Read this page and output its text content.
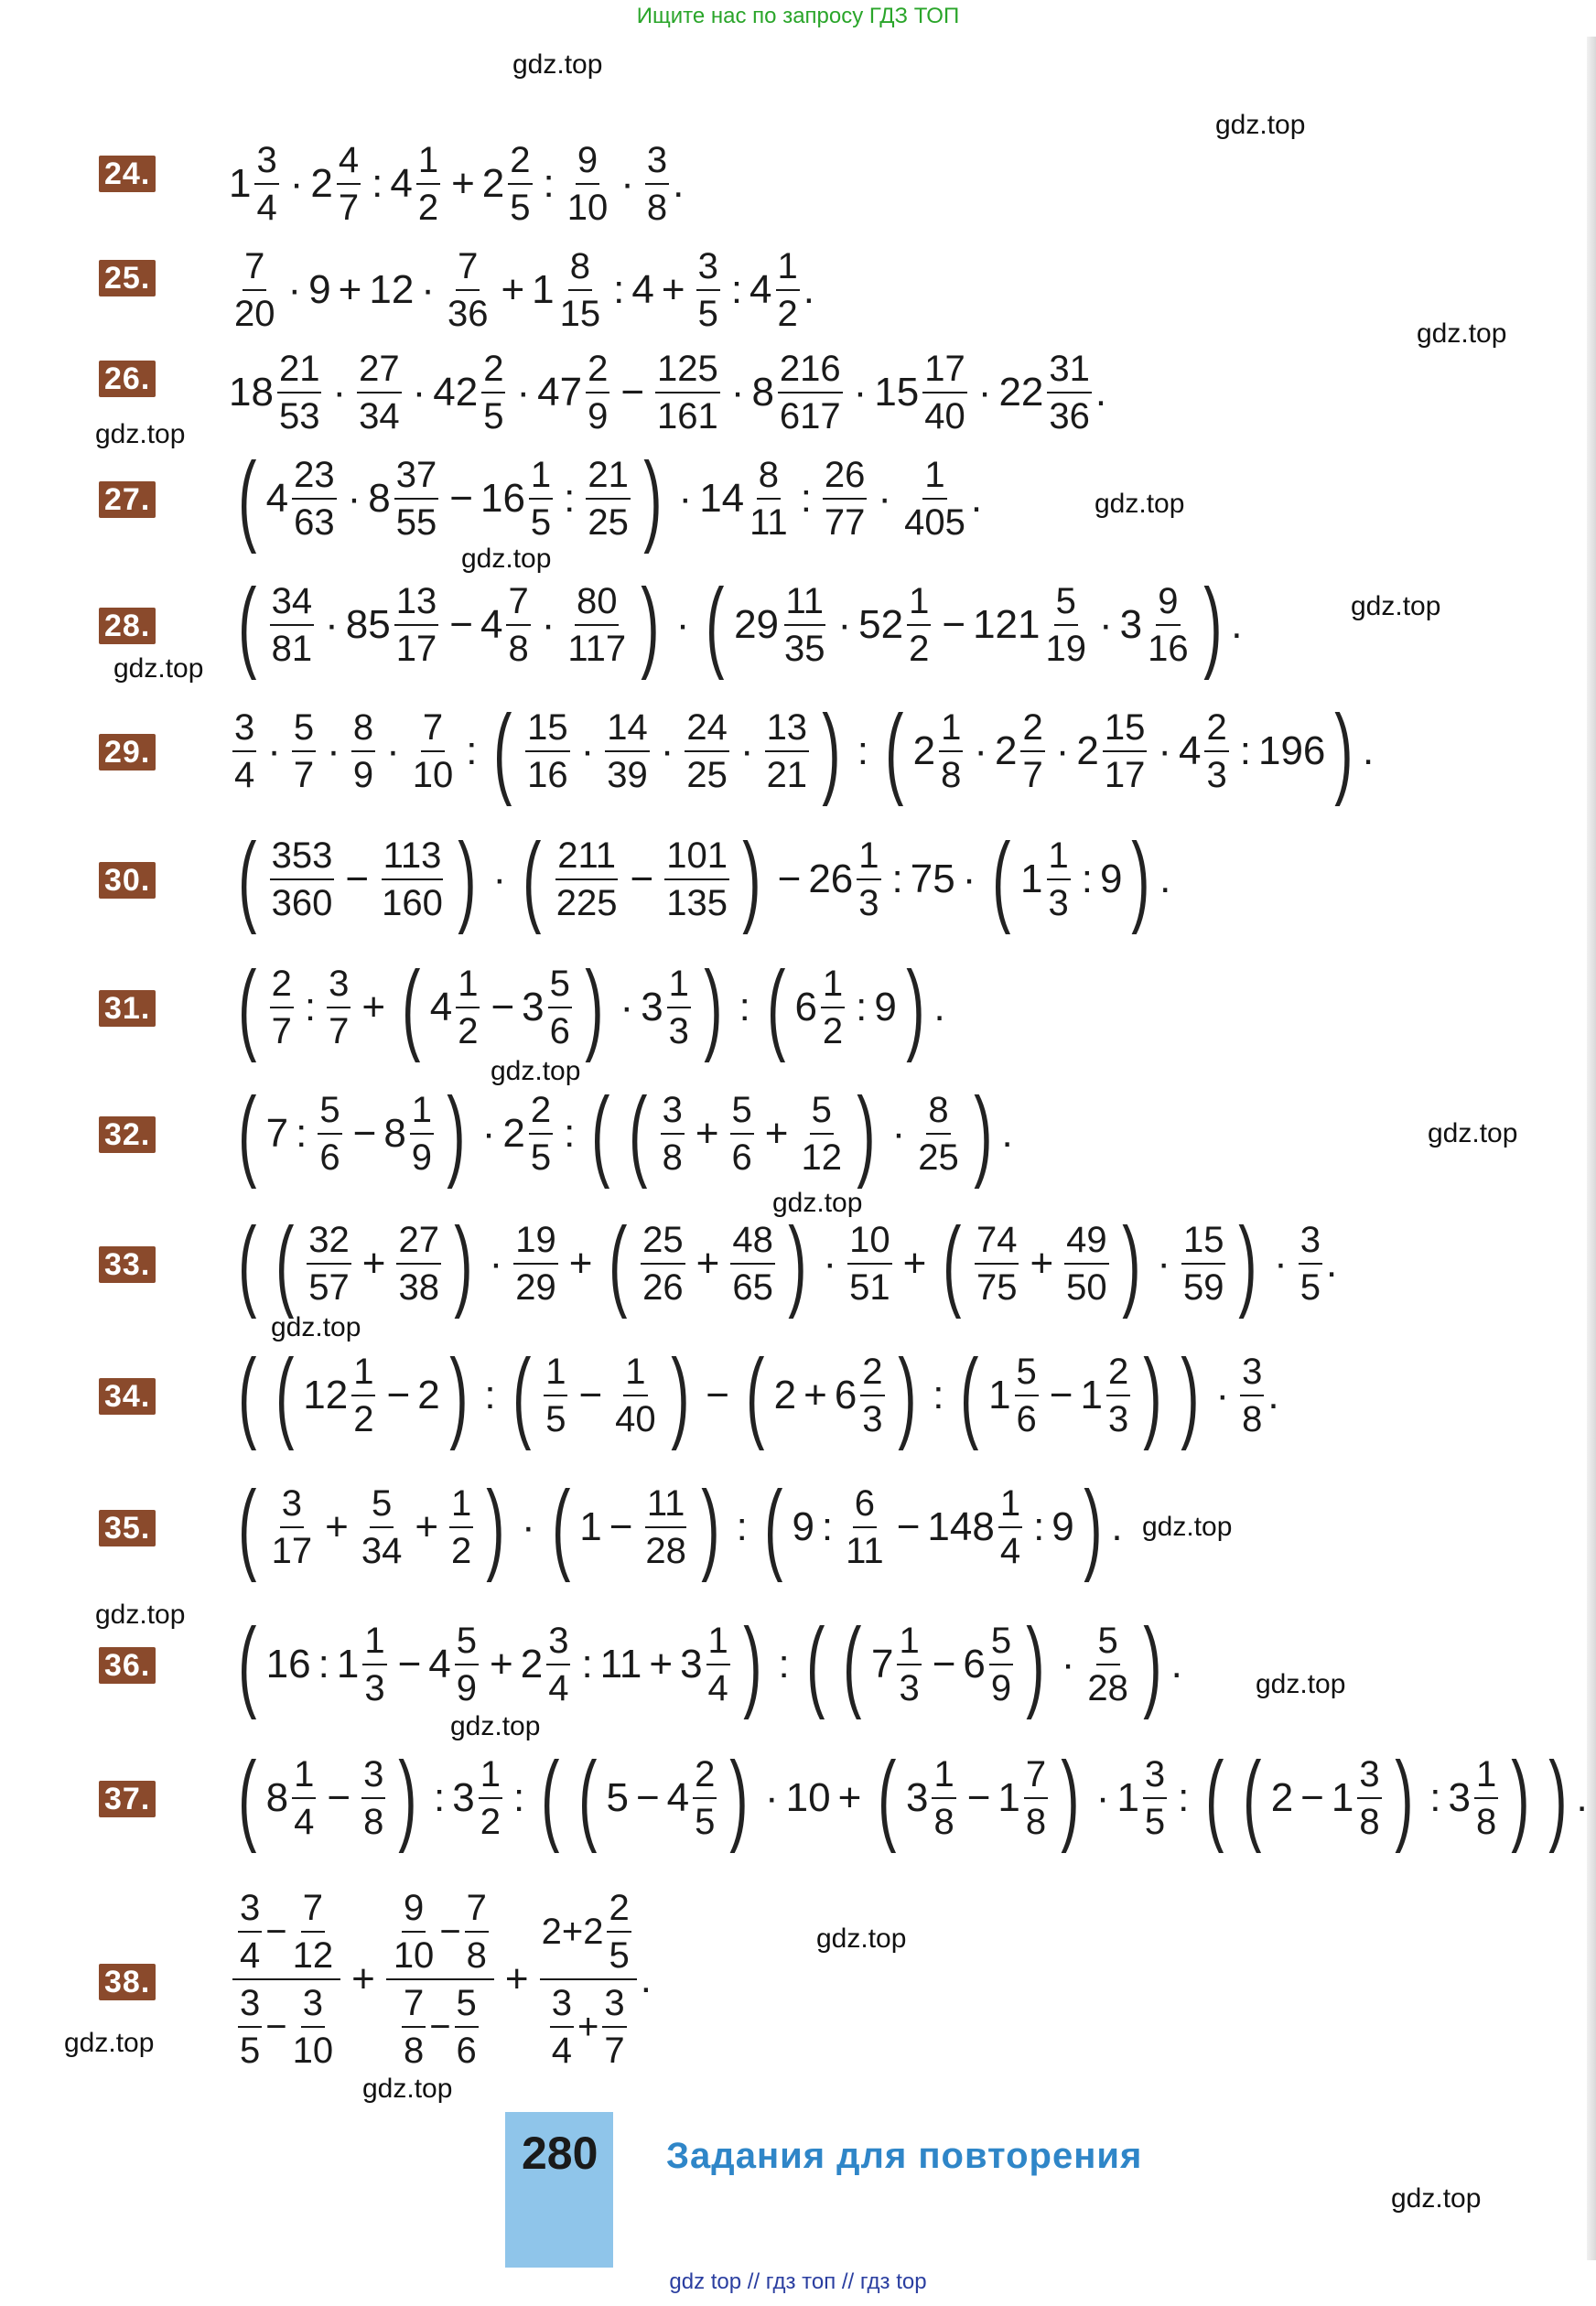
Ищите нас по запросу ГДЗ ТОП
gdz.top
gdz.top
gdz.top
gdz.top
gdz.top
gdz.top
gdz.top
gdz.top
gdz.top
gdz.top
gdz.top
gdz.top
gdz.top
gdz.top
gdz.top
gdz.top
gdz.top
gdz.top
gdz.top
gdz.top
24.
25.
26.
27.
28.
29.
30.
31.
32.
33.
34.
35.
36.
37.
38.
$1 \frac{3}{4} \cdot 2 \frac{4}{7}$ : $4 \frac{1}{2} + 2 \frac{2}{5}$ : $\frac{9}{10} \cdot \frac{3}{8}$ .
$\frac{7}{20} \cdot 9 + 12 \cdot \frac{7}{36} + 1 \frac{8}{15}$ : $4 + \frac{3}{5}$ : $4 \frac{1}{2}$ .
$18 \frac{21}{53} \cdot \frac{27}{34} \cdot 42 \frac{2}{5} \cdot 47 \frac{2}{9} - \frac{125}{161} \cdot 8 \frac{216}{617} \cdot 15 \frac{17}{40} \cdot 22 \frac{31}{36}$ .
( $4 \frac{23}{63} \cdot 8 \frac{37}{55} - 16 \frac{1}{5}$ : $\frac{21}{25}$ ) · $14 \frac{8}{11}$ : $\frac{26}{77} \cdot \frac{1}{405}$ .
( $\frac{34}{81} \cdot 85 \frac{13}{17} - 4 \frac{7}{8} \cdot \frac{80}{117}$ ) · ( $29 \frac{11}{35} \cdot 52 \frac{1}{2} - 121 \frac{5}{19} \cdot 3 \frac{9}{16}$ ) .
$\frac{3}{4} \cdot \frac{5}{7} \cdot \frac{8}{9} \cdot \frac{7}{10}$ : ( $\frac{15}{16} \cdot \frac{14}{39} \cdot \frac{24}{25} \cdot \frac{13}{21}$ ) : ( $2 \frac{1}{8} \cdot 2 \frac{2}{7} \cdot 2 \frac{15}{17} \cdot 4 \frac{2}{3}$ : 196 ) .
( $\frac{353}{360} - \frac{113}{160}$ ) · ( $\frac{211}{225} - \frac{101}{135}$ ) − $26 \frac{1}{3}$ : 75 · ( $1 \frac{1}{3}$ : 9 ) .
( $\frac{2}{7}$ : $\frac{3}{7}$ + ( $4 \frac{1}{2} - 3 \frac{5}{6}$ ) · $3 \frac{1}{3}$ ) : ( $6 \frac{1}{2}$ : 9 ) .
( 7 : $\frac{5}{6} - 8 \frac{1}{9}$ ) · $2 \frac{2}{5}$ : ( ( $\frac{3}{8} + \frac{5}{6} + \frac{5}{12}$ ) · $\frac{8}{25}$ ) .
( ( $\frac{32}{57} + \frac{27}{38}$ ) · $\frac{19}{29}$ + ( $\frac{25}{26} + \frac{48}{65}$ ) · $\frac{10}{51}$ + ( $\frac{74}{75} + \frac{49}{50}$ ) · $\frac{15}{59}$ ) · $\frac{3}{5}$ .
( ( $12 \frac{1}{2} - 2$ ) : ( $\frac{1}{5} - \frac{1}{40}$ ) − ( $2 + 6 \frac{2}{3}$ ) : ( $1 \frac{5}{6} - 1 \frac{2}{3}$ ) ) · $\frac{3}{8}$ .
( $\frac{3}{17} + \frac{5}{34} + \frac{1}{2}$ ) · ( $1 - \frac{11}{28}$ ) : ( 9 : $\frac{6}{11} - 148 \frac{1}{4}$ : 9 ) .
( 16 : $1 \frac{1}{3} - 4 \frac{5}{9} + 2 \frac{3}{4}$ : $11 + 3 \frac{1}{4}$ ) : ( ( $7 \frac{1}{3} - 6 \frac{5}{9}$ ) · $\frac{5}{28}$ ) .
( $8 \frac{1}{4} - \frac{3}{8}$ ) : $3 \frac{1}{2}$ : ( ( $5 - 4 \frac{2}{5}$ ) · 10 + ( $3 \frac{1}{8} - 1 \frac{7}{8}$ ) · $1 \frac{3}{5}$ : ( ( $2 - 1 \frac{3}{8}$ ) : $3 \frac{1}{8}$ ) ) .
$\frac{\frac{3}{4} - \frac{7}{12}}{\frac{3}{5} - \frac{3}{10}} + \frac{\frac{9}{10} - \frac{7}{8}}{\frac{7}{8} - \frac{5}{6}} + \frac{2+2 \frac{2}{5}}{\frac{3}{4} + \frac{3}{7}}$ .
280 Задания для повторения
gdz top // гдз топ // гдз top
